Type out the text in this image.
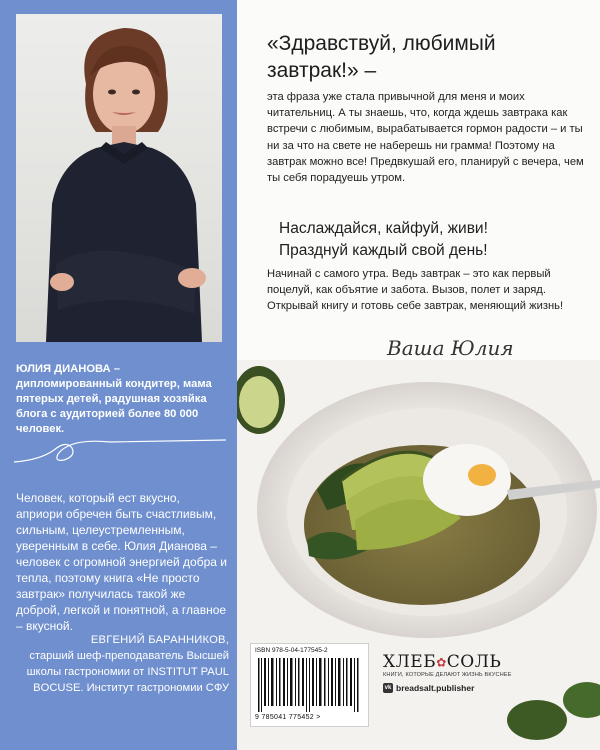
ЮЛИЯ ДИАНОВА – дипломированный кондитер, мама пятерых детей, радушная хозяйка блога с аудиторией более 80 000 человек.

Человек, который ест вкусно, априори обречен быть счастливым, сильным, целеустремленным, уверенным в себе. Юлия Дианова – человек с огромной энергией добра и тепла, поэтому книга «Не просто завтрак» получилась такой же доброй, легкой и понятной, а главное – вкусной.

ЕВГЕНИЙ БАРАННИКОВ,
старший шеф-преподаватель Высшей школы гастрономии от INSTITUT PAUL BOCUSE. Институт гастрономии СФУ
«Здравствуй, любимый завтрак!» –

эта фраза уже стала привычной для меня и моих читательниц. А ты знаешь, что, когда ждешь завтрака как встречи с любимым, вырабатывается гормон радости – и ты ни за что на свете не наберешь ни грамма! Поэтому на завтрак можно все! Предвкушай его, планируй с вечера, чем ты себя порадуешь утром.

Наслаждайся, кайфуй, живи!
Празднуй каждый свой день!

Начинай с самого утра. Ведь завтрак – это как первый поцелуй, как объятие и забота. Вызов, полет и заряд. Открывай книгу и готовь себе завтрак, меняющий жизнь!

Ваша Юлия
ISBN 978-5-04-177545-2
9 785041 775452 >
ХЛЕБ✿СОЛЬ
КНИГИ, КОТОРЫЕ ДЕЛАЮТ ЖИЗНЬ ВКУСНЕЕ
vk breadsalt.publisher
